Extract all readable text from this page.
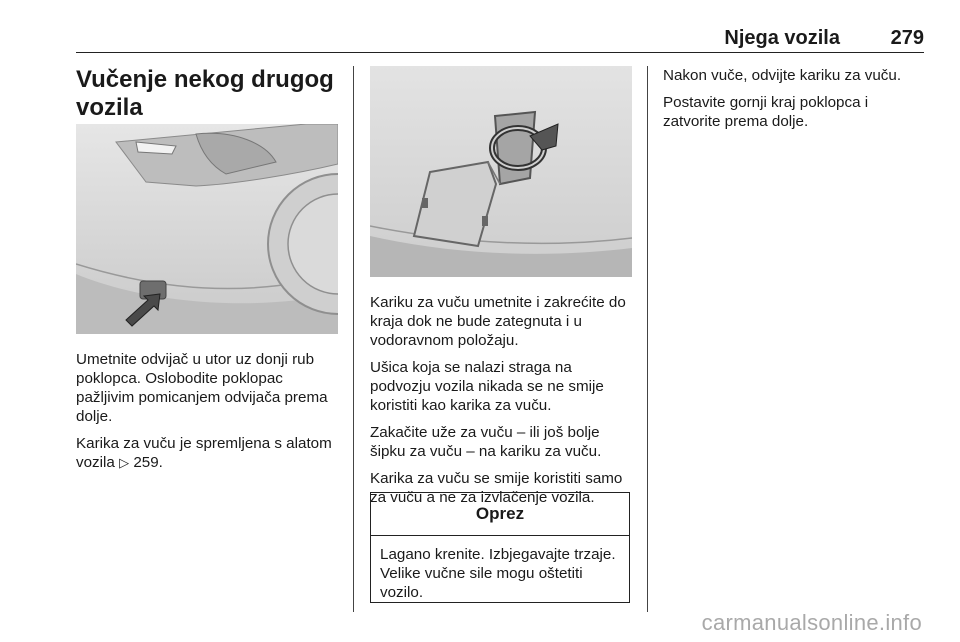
Njega vozila	279
Vučenje nekog drugog vozila

Umetnite odvijač u utor uz donji rub poklopca. Oslobodite poklopac pažljivim pomicanjem odvijača prema dolje.

Karika za vuču je spremljena s alatom vozila ▷ 259.

Kariku za vuču umetnite i zakrećite do kraja dok ne bude zategnuta i u vodoravnom položaju.

Ušica koja se nalazi straga na podvozju vozila nikada se ne smije koristiti kao karika za vuču.

Zakačite uže za vuču – ili još bolje šipku za vuču – na kariku za vuču.

Karika za vuču se smije koristiti samo za vuču a ne za izvlačenje vozila.

Oprez
Lagano krenite. Izbjegavajte trzaje. Velike vučne sile mogu oštetiti vozilo.

Nakon vuče, odvijte kariku za vuču.

Postavite gornji kraj poklopca i zatvorite prema dolje.

carmanualsonline.info
